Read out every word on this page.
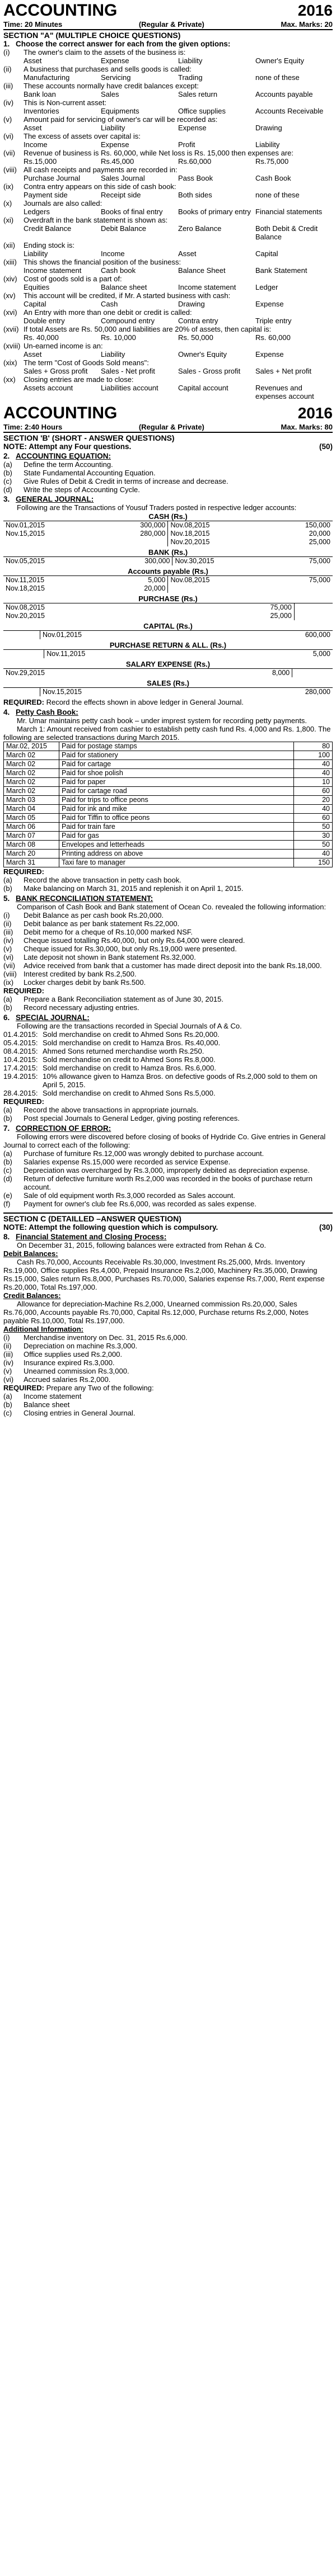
ACCOUNTING	2016
Time: 20 Minutes	(Regular & Private)	Max. Marks: 20
SECTION "A" (MULTIPLE CHOICE QUESTIONS)
1. Choose the correct answer for each from the given options:
(i)	The owner's claim to the assets of the business is:
Asset	Expense	Liability	Owner's Equity
(ii)	A business that purchases and sells goods is called:
Manufacturing	Servicing	Trading	none of these
(iii)	These accounts normally have credit balances except:
Bank loan	Sales	Sales return	Accounts payable
(iv)	This is Non-current asset:
Inventories	Equipments	Office supplies	Accounts Receivable
(v)	Amount paid for servicing of owner's car will be recorded as:
Asset	Liability	Expense	Drawing
(vi)	The excess of assets over capital is:
Income	Expense	Profit	Liability
(vii)	Revenue of business is Rs. 60,000, while Net loss is Rs. 15,000 then expenses are:
Rs.15,000	Rs.45,000	Rs.60,000	Rs.75,000
(viii) All cash receipts and payments are recorded in:
Purchase Journal	Sales Journal	Pass Book	Cash Book
(ix)	Contra entry appears on this side of cash book:
Payment side	Receipt side	Both sides	none of these
(x)	Journals are also called:
Ledgers	Books of final entry	Books of primary entry Financial statements
(xi)	Overdraft in the bank statement is shown as:
Credit Balance	Debit Balance	Zero Balance	Both Debit & Credit Balance
(xii)	Ending stock is:
Liability	Income	Asset	Capital
(xiii) This shows the financial position of the business:
Income statement	Cash book	Balance Sheet	Bank Statement
(xiv) Cost of goods sold is a part of:
Equities	Balance sheet	Income statement	Ledger
(xv)	This account will be credited, if Mr. A started business with cash:
Capital	Cash	Drawing	Expense
(xvi) An Entry with more than one debit or credit is called:
Double entry	Compound entry	Contra entry	Triple entry
(xvii) If total Assets are Rs. 50,000 and liabilities are 20% of assets, then capital is:
Rs. 40,000	Rs. 10,000	Rs. 50,000	Rs. 60,000
(xviii) Un-earned income is an:
Asset	Liability	Owner's Equity	Expense
(xix) The term "Cost of Goods Sold means":
Sales + Gross profit	Sales - Net profit	Sales - Gross profit	Sales + Net profit
(xx)	Closing entries are made to close:
Assets account	Liabilities account	Capital account	Revenues and expenses account
ACCOUNTING	2016
Time: 2:40 Hours	(Regular & Private)	Max. Marks: 80
SECTION 'B' (SHORT - ANSWER QUESTIONS)
NOTE: Attempt any Four questions.	(50)
2. ACCOUNTING EQUATION:
(a)	Define the term Accounting.
(b)	State Fundamental Accounting Equation.
(c)	Give Rules of Debit & Credit in terms of increase and decrease.
(d)	Write the steps of Accounting Cycle.
3. GENERAL JOURNAL:
Following are the Transactions of Yousuf Traders posted in respective ledger accounts:
CASH (Rs.)
Nov.01,2015	300,000	Nov.08,2015	150,000
Nov.15,2015	280,000	Nov.18,2015	20,000
		Nov.20,2015	25,000
BANK (Rs.)
Nov.05,2015	300,000	Nov.30,2015	75,000
Accounts payable (Rs.)
Nov.11,2015	5,000	Nov.08,2015	75,000
Nov.18,2015	20,000		
PURCHASE (Rs.)
Nov.08,2015	75,000		
Nov.20,2015	25,000		
CAPITAL (Rs.)
		Nov.01,2015	600,000
PURCHASE RETURN & ALL. (Rs.)
		Nov.11,2015	5,000
SALARY EXPENSE (Rs.)
Nov.29,2015	8,000		
SALES (Rs.)
		Nov.15,2015	280,000
REQUIRED: Record the effects shown in above ledger in General Journal.
4. Petty Cash Book:
Mr. Umar maintains petty cash book – under imprest system for recording petty payments.
March 1: Amount received from cashier to establish petty cash fund Rs. 4,000 and Rs. 1,800. The following are selected transactions during March 2015.
Mar.02, 2015	Paid for postage stamps	80
March 02	Paid for stationery	100
March 02	Paid for cartage	40
March 02	Paid for shoe polish	40
March 02	Paid for paper	10
March 02	Paid for cartage road	60
March 03	Paid for trips to office peons	20
March 04	Paid for ink and mike	40
March 05	Paid for Tiffin to office peons	60
March 06	Paid for train fare	50
March 07	Paid for gas	30
March 08	Envelopes and letterheads	50
March 20	Printing address on above	40
March 31	Taxi fare to manager	150
REQUIRED:
(a)	Record the above transaction in petty cash book.
(b)	Make balancing on March 31, 2015 and replenish it on April 1, 2015.
5. BANK RECONCILIATION STATEMENT:
Comparison of Cash Book and Bank statement of Ocean Co. revealed the following information:
(i)	Debit Balance as per cash book Rs.20,000.
(ii)	Debit balance as per bank statement Rs.22,000.
(iii)	Debit memo for a cheque of Rs.10,000 marked NSF.
(iv)	Cheque issued totalling Rs.40,000, but only Rs.64,000 were cleared.
(v)	Cheque issued for Rs.30,000, but only Rs.19,000 were presented.
(vi)	Late deposit not shown in Bank statement Rs.32,000.
(vii)	Advice received from bank that a customer has made direct deposit into the bank Rs.18,000.
(viii) Interest credited by bank Rs.2,500.
(ix)	Locker charges debit by bank Rs.500.
REQUIRED:
(a)	Prepare a Bank Reconciliation statement as of June 30, 2015.
(b)	Record necessary adjusting entries.
6. SPECIAL JOURNAL:
Following are the transactions recorded in Special Journals of A & Co.
01.4.2015: Sold merchandise on credit to Ahmed Sons Rs.20,000.
05.4.2015: Sold merchandise on credit to Hamza Bros. Rs.40,000.
08.4.2015: Ahmed Sons returned merchandise worth Rs.250.
10.4.2015: Sold merchandise on credit to Ahmed Sons Rs.8,000.
17.4.2015: Sold merchandise on credit to Hamza Bros. Rs.6,000.
19.4.2015: 10% allowance given to Hamza Bros. on defective goods of Rs.2,000 sold to them on April 5, 2015.
28.4.2015: Sold merchandise on credit to Ahmed Sons Rs.5,000.
REQUIRED:
(a)	Record the above transactions in appropriate journals.
(b)	Post special Journals to General Ledger, giving posting references.
7. CORRECTION OF ERROR:
Following errors were discovered before closing of books of Hydride Co. Give entries in General Journal to correct each of the following:
(a)	Purchase of furniture Rs.12,000 was wrongly debited to purchase account.
(b)	Salaries expense Rs.15,000 were recorded as service Expense.
(c)	Depreciation was overcharged by Rs.3,000, improperly debited as depreciation expense.
(d)	Return of defective furniture worth Rs.2,000 was recorded in the books of purchase return account.
(e)	Sale of old equipment worth Rs.3,000 recorded as Sales account.
(f)	Payment for owner's club fee Rs.6,000, was recorded as sales expense.
SECTION C (DETAILLED –ANSWER QUESTION)
NOTE: Attempt the following question which is compulsory.	(30)
8. Financial Statement and Closing Process:
On December 31, 2015, following balances were extracted from Rehan & Co.
Debit Balances:
Cash Rs.70,000, Accounts Receivable Rs.30,000, Investment Rs.25,000, Mrds. Inventory Rs.19,000, Office supplies Rs.4,000, Prepaid Insurance Rs.2,000, Machinery Rs.35,000, Drawing Rs.15,000, Sales return Rs.8,000, Purchases Rs.70,000, Salaries expense Rs.7,000, Rent expense Rs.20,000, Total Rs.197,000.
Credit Balances:
Allowance for depreciation-Machine Rs.2,000, Unearned commission Rs.20,000, Sales Rs.76,000, Accounts payable Rs.70,000, Capital Rs.12,000, Purchase returns Rs.2,000, Notes payable Rs.10,000, Total Rs.197,000.
Additional Information:
(i)	Merchandise inventory on Dec. 31, 2015 Rs.6,000.
(ii)	Depreciation on machine Rs.3,000.
(iii)	Office supplies used Rs.2,000.
(iv)	Insurance expired Rs.3,000.
(v)	Unearned commission Rs.3,000.
(vi)	Accrued salaries Rs.2,000.
REQUIRED: Prepare any Two of the following:
(a)	Income statement
(b)	Balance sheet
(c)	Closing entries in General Journal.
